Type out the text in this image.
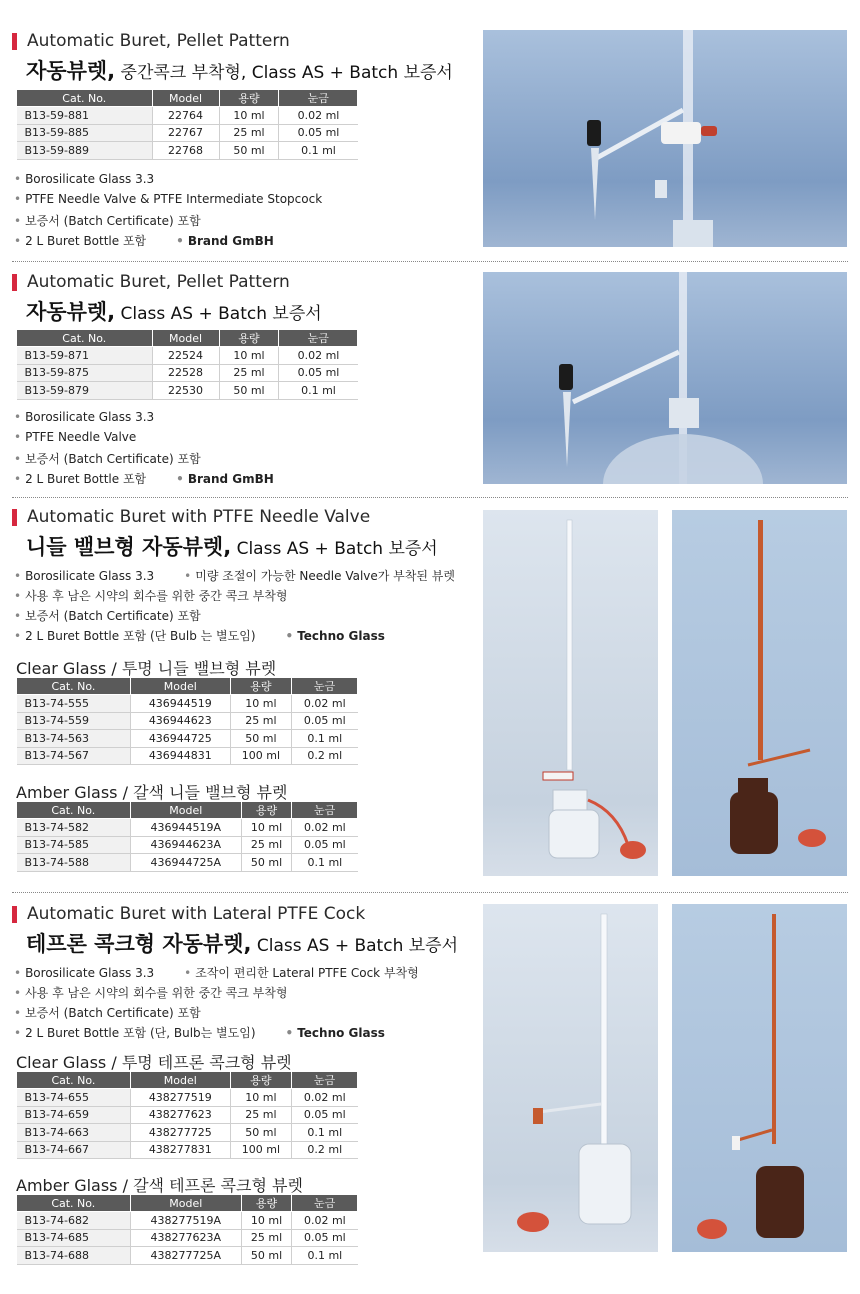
Automatic Buret, Pellet Pattern
자동뷰렛, 중간콕크 부착형, Class AS + Batch 보증서
Cat. No.	Model	용량	눈금
B13-59-881	22764	10 ml	0.02 ml
B13-59-885	22767	25 ml	0.05 ml
B13-59-889	22768	50 ml	0.1 ml
• Borosilicate Glass 3.3
• PTFE Needle Valve & PTFE Intermediate Stopcock
• 보증서 (Batch Certificate) 포함
• 2 L Buret Bottle 포함	• Brand GmBH
Automatic Buret, Pellet Pattern
자동뷰렛, Class AS + Batch 보증서
Cat. No.	Model	용량	눈금
B13-59-871	22524	10 ml	0.02 ml
B13-59-875	22528	25 ml	0.05 ml
B13-59-879	22530	50 ml	0.1 ml
• Borosilicate Glass 3.3
• PTFE Needle Valve
• 보증서 (Batch Certificate) 포함
• 2 L Buret Bottle 포함	• Brand GmBH
Automatic Buret with PTFE Needle Valve
니들 밸브형 자동뷰렛, Class AS + Batch 보증서
• Borosilicate Glass 3.3	• 미량 조절이 가능한 Needle Valve가 부착된 뷰렛
• 사용 후 남은 시약의 회수를 위한 중간 콕크 부착형
• 보증서 (Batch Certificate) 포함
• 2 L Buret Bottle 포함 (단 Bulb 는 별도임)	• Techno Glass
Clear Glass / 투명 니들 밸브형 뷰렛
Cat. No.	Model	용량	눈금
B13-74-555	436944519	10 ml	0.02 ml
B13-74-559	436944623	25 ml	0.05 ml
B13-74-563	436944725	50 ml	0.1 ml
B13-74-567	436944831	100 ml	0.2 ml
Amber Glass / 갈색 니들 밸브형 뷰렛
Cat. No.	Model	용량	눈금
B13-74-582	436944519A	10 ml	0.02 ml
B13-74-585	436944623A	25 ml	0.05 ml
B13-74-588	436944725A	50 ml	0.1 ml
Automatic Buret with Lateral PTFE Cock
테프론 콕크형 자동뷰렛, Class AS + Batch 보증서
• Borosilicate Glass 3.3	• 조작이 편리한 Lateral PTFE Cock 부착형
• 사용 후 남은 시약의 회수를 위한 중간 콕크 부착형
• 보증서 (Batch Certificate) 포함
• 2 L Buret Bottle 포함 (단, Bulb는 별도임)	• Techno Glass
Clear Glass / 투명 테프론 콕크형 뷰렛
Cat. No.	Model	용량	눈금
B13-74-655	438277519	10 ml	0.02 ml
B13-74-659	438277623	25 ml	0.05 ml
B13-74-663	438277725	50 ml	0.1 ml
B13-74-667	438277831	100 ml	0.2 ml
Amber Glass / 갈색 테프론 콕크형 뷰렛
Cat. No.	Model	용량	눈금
B13-74-682	438277519A	10 ml	0.02 ml
B13-74-685	438277623A	25 ml	0.05 ml
B13-74-688	438277725A	50 ml	0.1 ml
